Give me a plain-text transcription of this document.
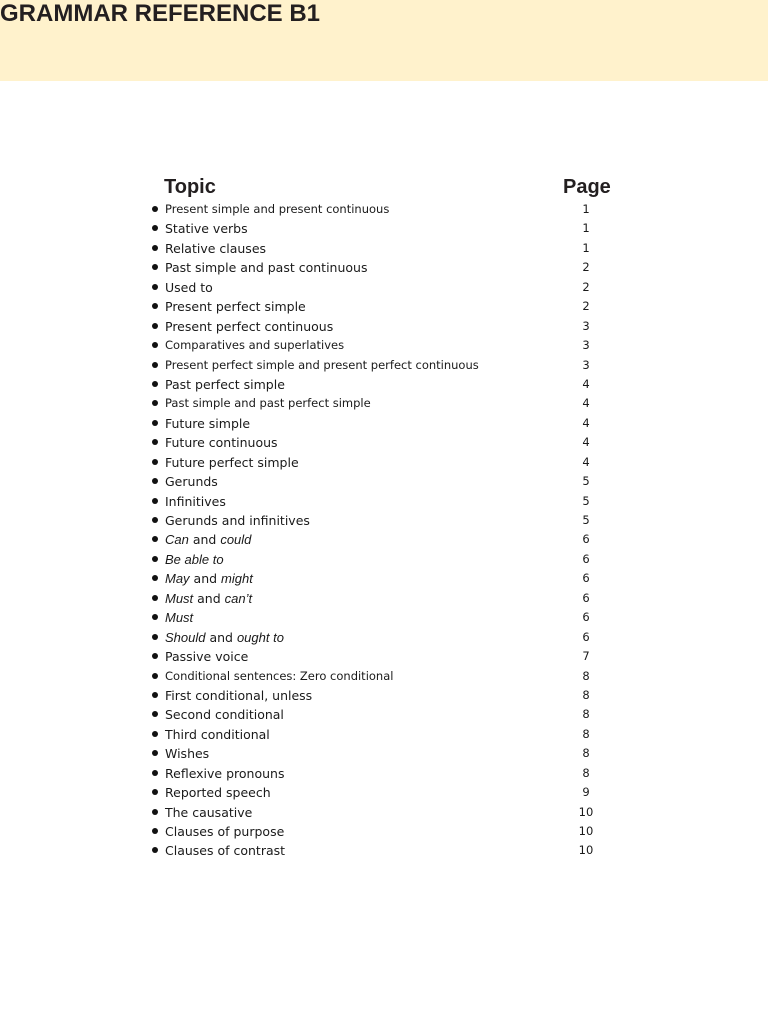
GRAMMAR REFERENCE B1
Topic	Page
Present simple and present continuous	1
Stative verbs	1
Relative clauses	1
Past simple and past continuous	2
Used to	2
Present perfect simple	2
Present perfect continuous	3
Comparatives and superlatives	3
Present perfect simple and present perfect continuous	3
Past perfect simple	4
Past simple and past perfect simple	4
Future simple	4
Future continuous	4
Future perfect simple	4
Gerunds	5
Infinitives	5
Gerunds and infinitives	5
Can and could	6
Be able to	6
May and might	6
Must and can’t	6
Must	6
Should and ought to	6
Passive voice	7
Conditional sentences: Zero conditional	8
First conditional, unless	8
Second conditional	8
Third conditional	8
Wishes	8
Reflexive pronouns	8
Reported speech	9
The causative	10
Clauses of purpose	10
Clauses of contrast	10
